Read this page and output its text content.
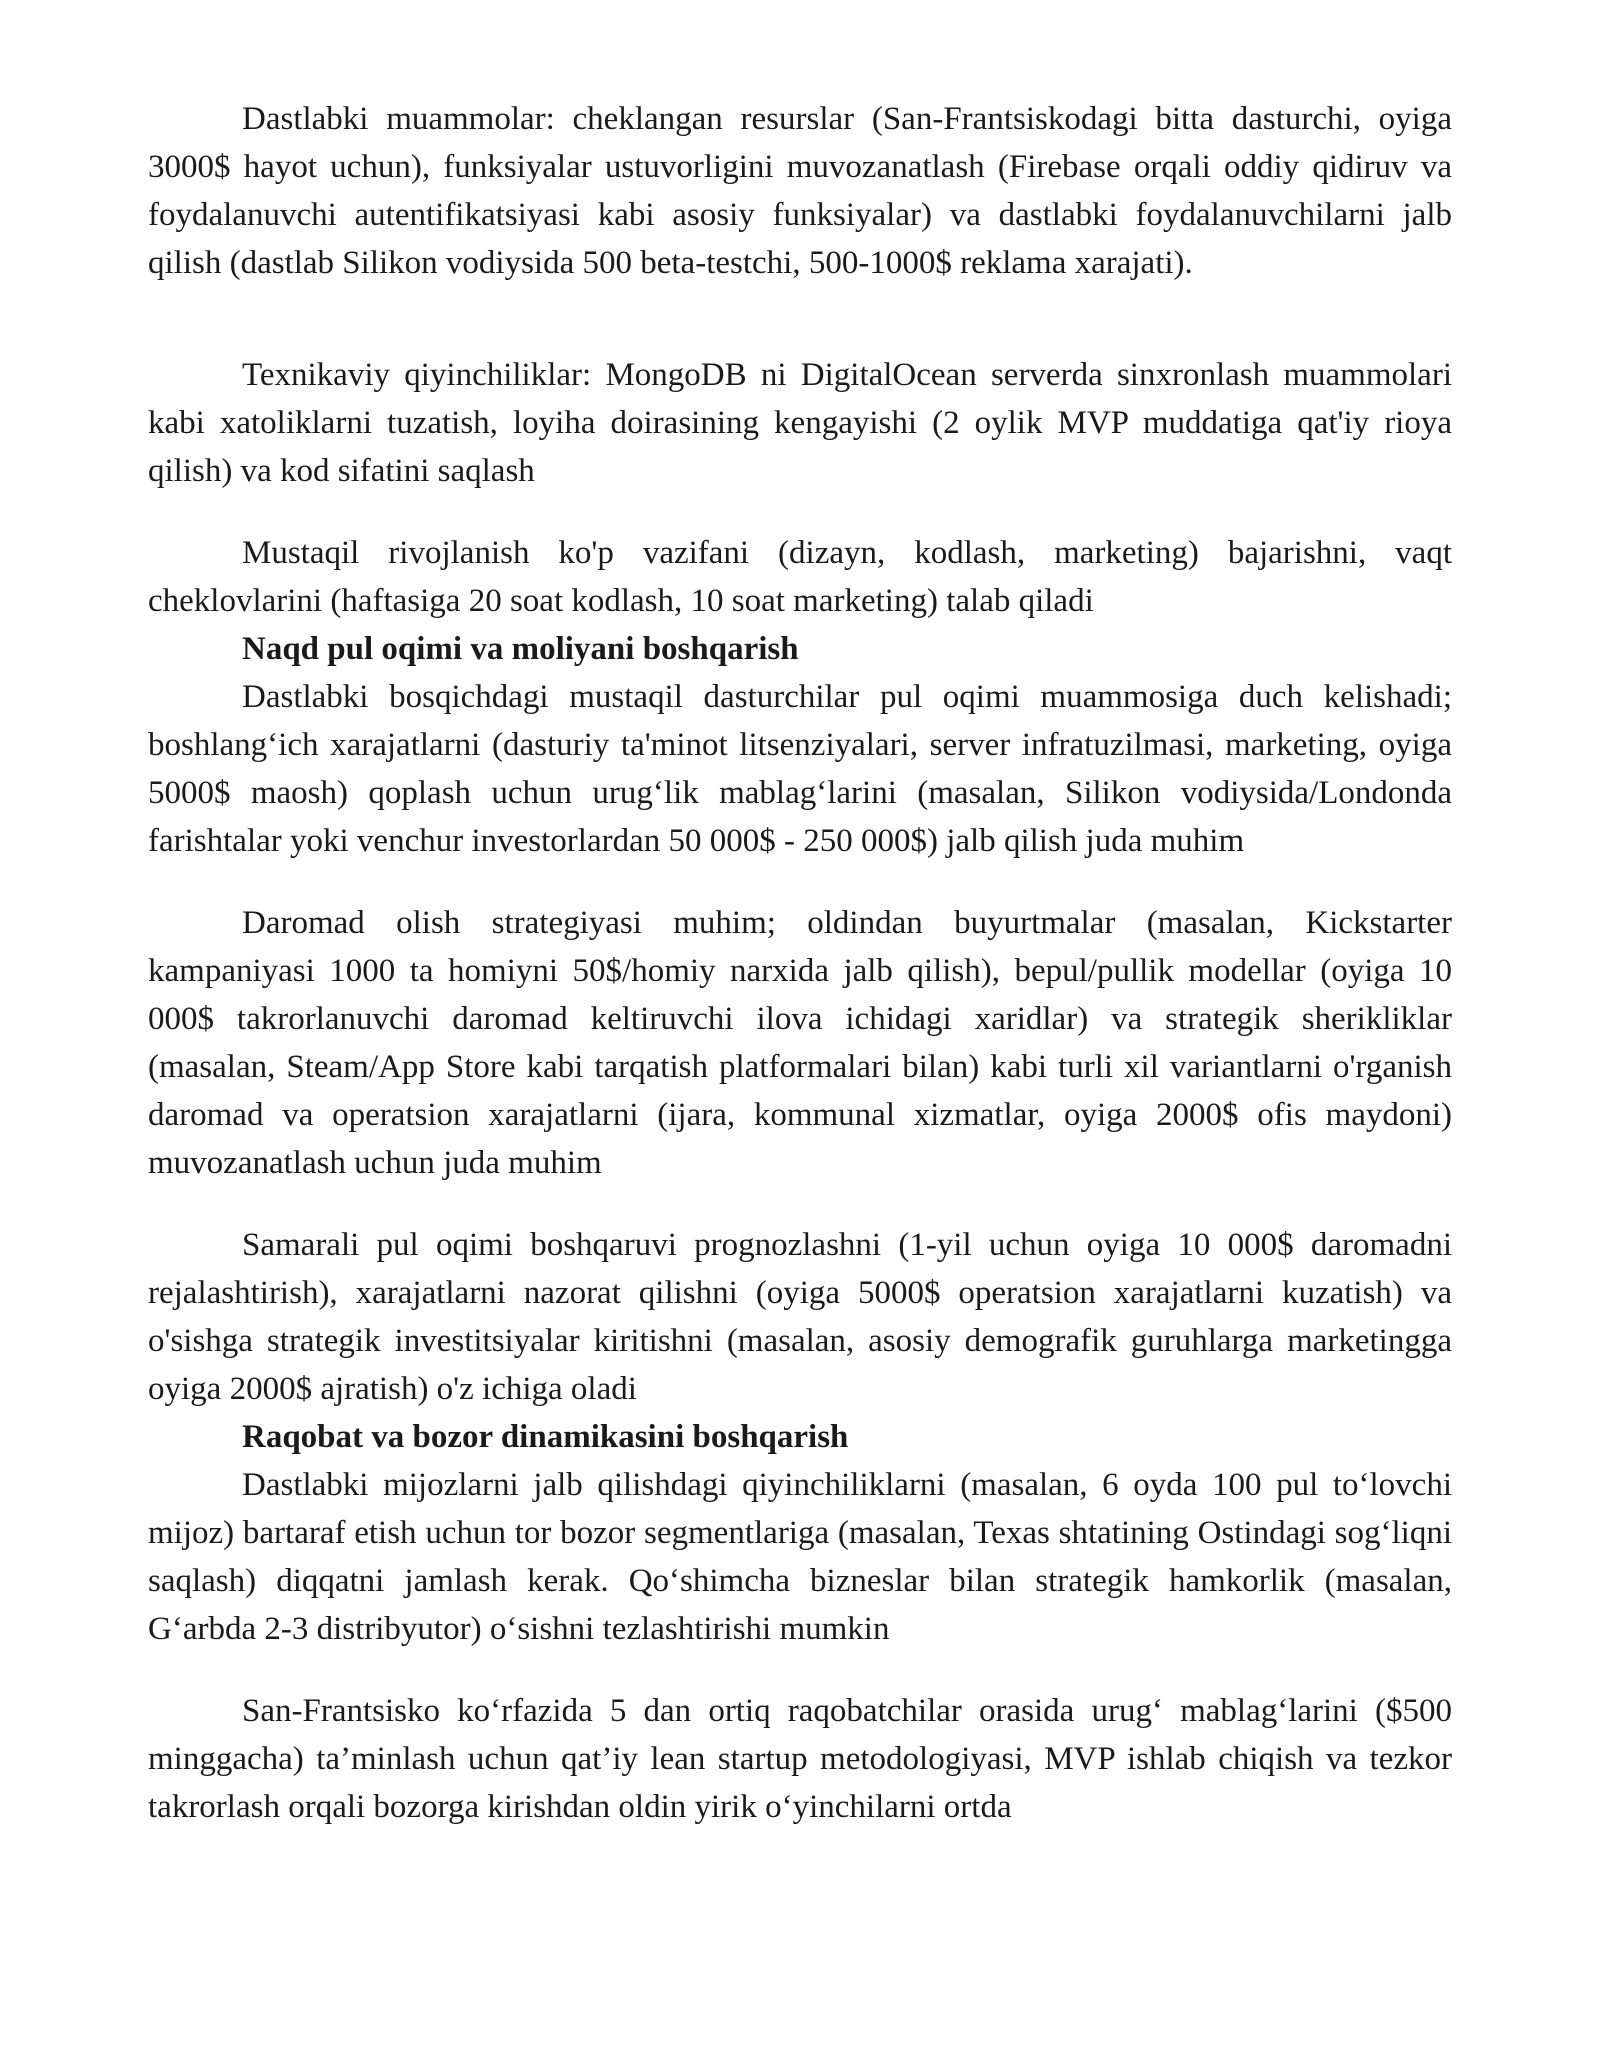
Dastlabki muammolar: cheklangan resurslar (San-Frantsiskodagi bitta dasturchi, oyiga 3000$ hayot uchun), funksiyalar ustuvorligini muvozanatlash (Firebase orqali oddiy qidiruv va foydalanuvchi autentifikatsiyasi kabi asosiy funksiyalar) va dastlabki foydalanuvchilarni jalb qilish (dastlab Silikon vodiysida 500 beta-testchi, 500-1000$ reklama xarajati).

Texnikaviy qiyinchiliklar: MongoDB ni DigitalOcean serverda sinxronlash muammolari kabi xatoliklarni tuzatish, loyiha doirasining kengayishi (2 oylik MVP muddatiga qat'iy rioya qilish) va kod sifatini saqlash

Mustaqil rivojlanish ko'p vazifani (dizayn, kodlash, marketing) bajarishni, vaqt cheklovlarini (haftasiga 20 soat kodlash, 10 soat marketing) talab qiladi

Naqd pul oqimi va moliyani boshqarish

Dastlabki bosqichdagi mustaqil dasturchilar pul oqimi muammosiga duch kelishadi; boshlang‘ich xarajatlarni (dasturiy ta'minot litsenziyalari, server infratuzilmasi, marketing, oyiga 5000$ maosh) qoplash uchun urug‘lik mablag‘larini (masalan, Silikon vodiysida/Londonda farishtalar yoki venchur investorlardan 50 000$ - 250 000$) jalb qilish juda muhim

Daromad olish strategiyasi muhim; oldindan buyurtmalar (masalan, Kickstarter kampaniyasi 1000 ta homiyni 50$/homiy narxida jalb qilish), bepul/pullik modellar (oyiga 10 000$ takrorlanuvchi daromad keltiruvchi ilova ichidagi xaridlar) va strategik sherikliklar (masalan, Steam/App Store kabi tarqatish platformalari bilan) kabi turli xil variantlarni o'rganish daromad va operatsion xarajatlarni (ijara, kommunal xizmatlar, oyiga 2000$ ofis maydoni) muvozanatlash uchun juda muhim

Samarali pul oqimi boshqaruvi prognozlashni (1-yil uchun oyiga 10 000$ daromadni rejalashtirish), xarajatlarni nazorat qilishni (oyiga 5000$ operatsion xarajatlarni kuzatish) va o'sishga strategik investitsiyalar kiritishni (masalan, asosiy demografik guruhlarga marketingga oyiga 2000$ ajratish) o'z ichiga oladi

Raqobat va bozor dinamikasini boshqarish

Dastlabki mijozlarni jalb qilishdagi qiyinchiliklarni (masalan, 6 oyda 100 pul to‘lovchi mijoz) bartaraf etish uchun tor bozor segmentlariga (masalan, Texas shtatining Ostindagi sog‘liqni saqlash) diqqatni jamlash kerak. Qo‘shimcha bizneslar bilan strategik hamkorlik (masalan, G‘arbda 2-3 distribyutor) o‘sishni tezlashtirishi mumkin

San-Frantsisko ko‘rfazida 5 dan ortiq raqobatchilar orasida urug‘ mablag‘larini ($500 minggacha) ta’minlash uchun qat’iy lean startup metodologiyasi, MVP ishlab chiqish va tezkor takrorlash orqali bozorga kirishdan oldin yirik o‘yinchilarni ortda
